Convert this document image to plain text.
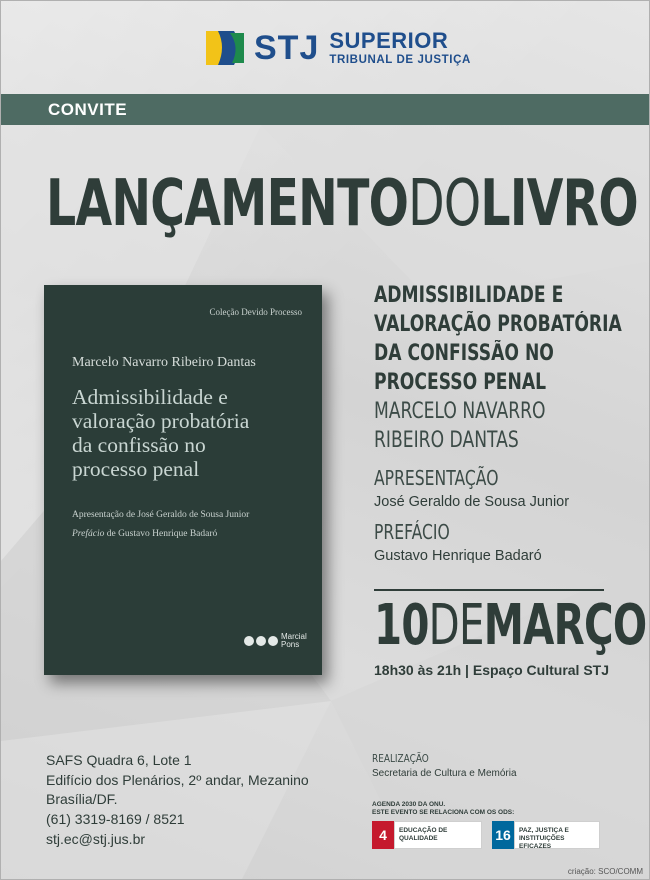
STJ SUPERIOR
TRIBUNAL DE JUSTIÇA
CONVITE
LANÇAMENTO DO LIVRO
Coleção Devido Processo
Marcelo Navarro Ribeiro Dantas
Admissibilidade e
valoração probatória
da confissão no
processo penal
Apresentação de José Geraldo de Sousa Junior
Prefácio de Gustavo Henrique Badaró
Marcial
Pons
ADMISSIBILIDADE E
VALORAÇÃO PROBATÓRIA
DA CONFISSÃO NO
PROCESSO PENAL
MARCELO NAVARRO
RIBEIRO DANTAS
APRESENTAÇÃO
José Geraldo de Sousa Junior
PREFÁCIO
Gustavo Henrique Badaró
10 DE MARÇO
18h30 às 21h | Espaço Cultural STJ
SAFS Quadra 6, Lote 1
Edifício dos Plenários, 2º andar, Mezanino
Brasília/DF.
(61) 3319-8169 / 8521
stj.ec@stj.jus.br
REALIZAÇÃO
Secretaria de Cultura e Memória
AGENDA 2030 DA ONU.
ESTE EVENTO SE RELACIONA COM OS ODS:
4	EDUCAÇÃO DE
QUALIDADE	16	PAZ, JUSTIÇA E
INSTITUIÇÕES EFICAZES
criação: SCO/COMM
